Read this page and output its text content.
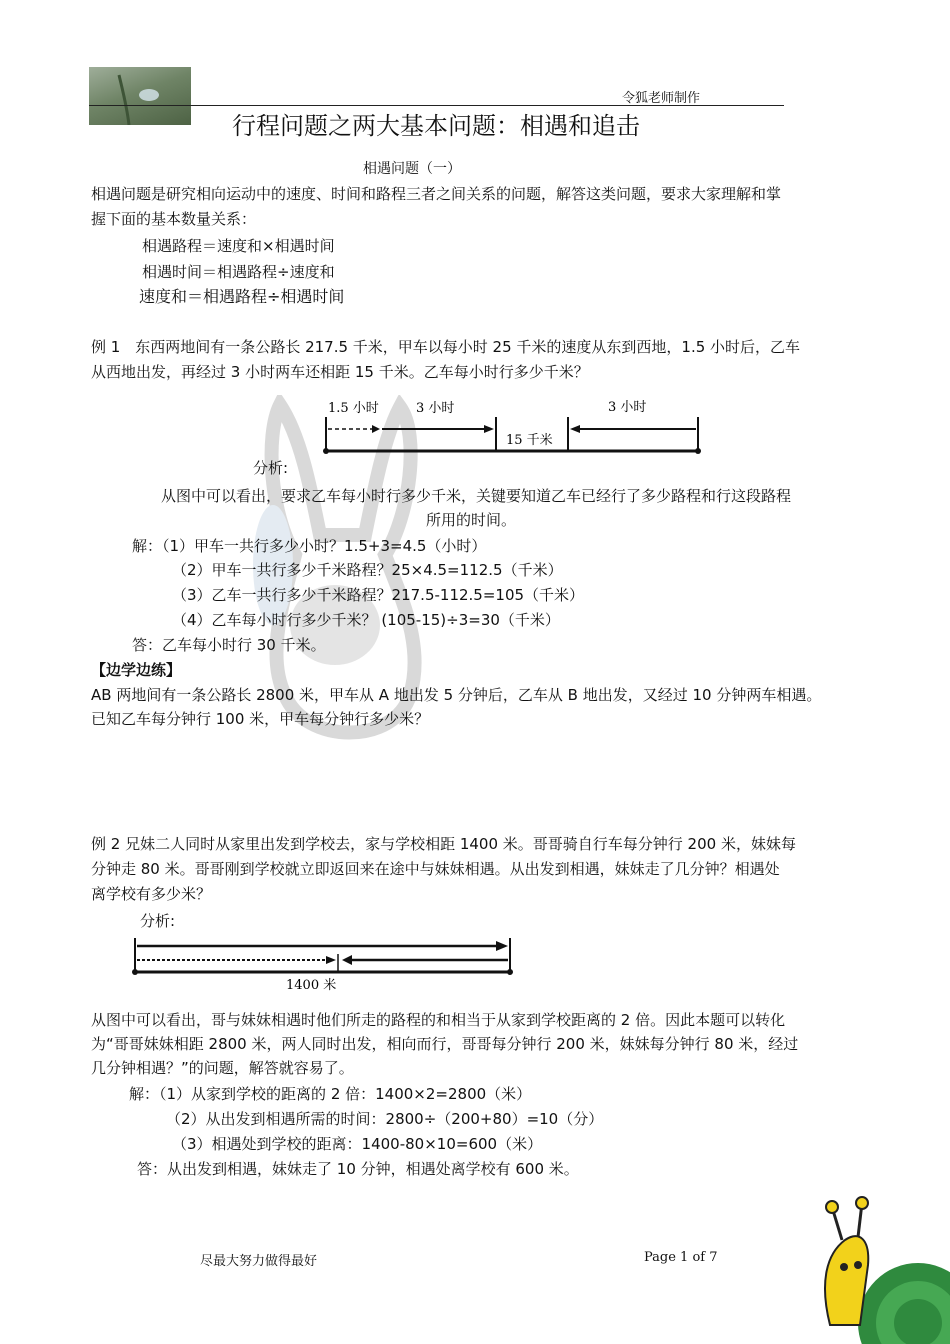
令狐老师制作
行程问题之两大基本问题：相遇和追击
相遇问题（一）
相遇问题是研究相向运动中的速度、时间和路程三者之间关系的问题，解答这类问题，要求大家理解和掌
握下面的基本数量关系：
相遇路程＝速度和×相遇时间
相遇时间＝相遇路程÷速度和
速度和＝相遇路程÷相遇时间
例 1　东西两地间有一条公路长 217.5 千米，甲车以每小时 25 千米的速度从东到西地，1.5 小时后，乙车
从西地出发，再经过 3 小时两车还相距 15 千米。乙车每小时行多少千米？
1.5 小时	3 小时	3 小时
15 千米
分析:
从图中可以看出，要求乙车每小时行多少千米，关键要知道乙车已经行了多少路程和行这段路程
所用的时间。
解：（1）甲车一共行多少小时？1.5+3=4.5（小时）
（2）甲车一共行多少千米路程？25×4.5=112.5（千米）
（3）乙车一共行多少千米路程？217.5-112.5=105（千米）
（4）乙车每小时行多少千米？ (105-15)÷3=30（千米）
答：乙车每小时行 30 千米。
【边学边练】
AB 两地间有一条公路长 2800 米，甲车从 A 地出发 5 分钟后，乙车从 B 地出发，又经过 10 分钟两车相遇。
已知乙车每分钟行 100 米，甲车每分钟行多少米？
例 2 兄妹二人同时从家里出发到学校去，家与学校相距 1400 米。哥哥骑自行车每分钟行 200 米，妹妹每
分钟走 80 米。哥哥刚到学校就立即返回来在途中与妹妹相遇。从出发到相遇，妹妹走了几分钟？相遇处
离学校有多少米？
分析:
1400 米
从图中可以看出，哥与妹妹相遇时他们所走的路程的和相当于从家到学校距离的 2 倍。因此本题可以转化
为“哥哥妹妹相距 2800 米，两人同时出发，相向而行，哥哥每分钟行 200 米，妹妹每分钟行 80 米，经过
几分钟相遇？”的问题，解答就容易了。
解：（1）从家到学校的距离的 2 倍：1400×2=2800（米）
（2）从出发到相遇所需的时间：2800÷（200+80）=10（分）
（3）相遇处到学校的距离：1400-80×10=600（米）
答：从出发到相遇，妹妹走了 10 分钟，相遇处离学校有 600 米。
尽最大努力做得最好	Page 1 of 7
